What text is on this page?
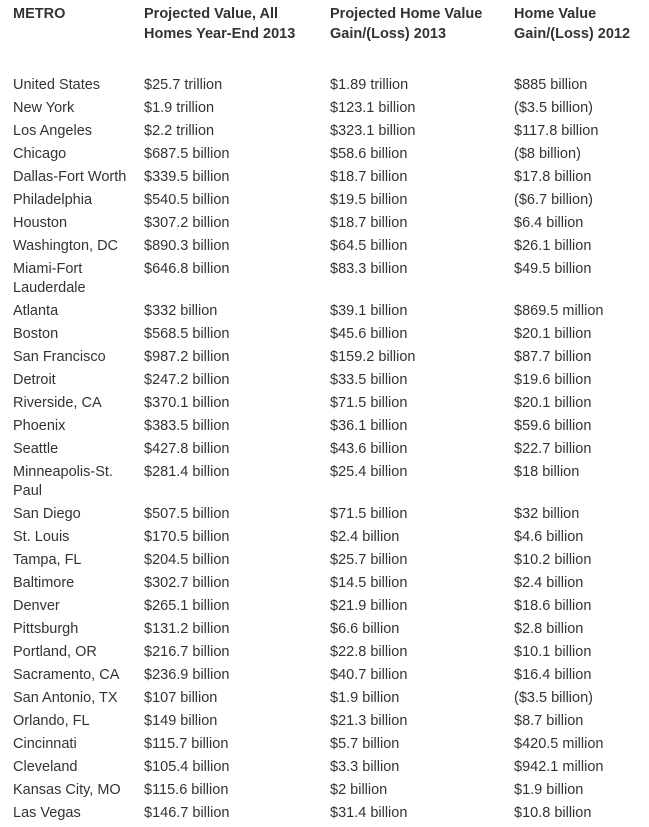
METRO	Projected Value, All Homes Year-End 2013	Projected Home Value Gain/(Loss) 2013	Home Value Gain/(Loss) 2012
United States	$25.7 trillion	$1.89 trillion	$885 billion
New York	$1.9 trillion	$123.1 billion	($3.5 billion)
Los Angeles	$2.2 trillion	$323.1 billion	$117.8 billion
Chicago	$687.5 billion	$58.6 billion	($8 billion)
Dallas-Fort Worth	$339.5 billion	$18.7 billion	$17.8 billion
Philadelphia	$540.5 billion	$19.5 billion	($6.7 billion)
Houston	$307.2 billion	$18.7 billion	$6.4 billion
Washington, DC	$890.3 billion	$64.5 billion	$26.1 billion
Miami-Fort Lauderdale	$646.8 billion	$83.3 billion	$49.5 billion
Atlanta	$332 billion	$39.1 billion	$869.5 million
Boston	$568.5 billion	$45.6 billion	$20.1 billion
San Francisco	$987.2 billion	$159.2 billion	$87.7 billion
Detroit	$247.2 billion	$33.5 billion	$19.6 billion
Riverside, CA	$370.1 billion	$71.5 billion	$20.1 billion
Phoenix	$383.5 billion	$36.1 billion	$59.6 billion
Seattle	$427.8 billion	$43.6 billion	$22.7 billion
Minneapolis-St. Paul	$281.4 billion	$25.4 billion	$18 billion
San Diego	$507.5 billion	$71.5 billion	$32 billion
St. Louis	$170.5 billion	$2.4 billion	$4.6 billion
Tampa, FL	$204.5 billion	$25.7 billion	$10.2 billion
Baltimore	$302.7 billion	$14.5 billion	$2.4 billion
Denver	$265.1 billion	$21.9 billion	$18.6 billion
Pittsburgh	$131.2 billion	$6.6 billion	$2.8 billion
Portland, OR	$216.7 billion	$22.8 billion	$10.1 billion
Sacramento, CA	$236.9 billion	$40.7 billion	$16.4 billion
San Antonio, TX	$107 billion	$1.9 billion	($3.5 billion)
Orlando, FL	$149 billion	$21.3 billion	$8.7 billion
Cincinnati	$115.7 billion	$5.7 billion	$420.5 million
Cleveland	$105.4 billion	$3.3 billion	$942.1 million
Kansas City, MO	$115.6 billion	$2 billion	$1.9 billion
Las Vegas	$146.7 billion	$31.4 billion	$10.8 billion
